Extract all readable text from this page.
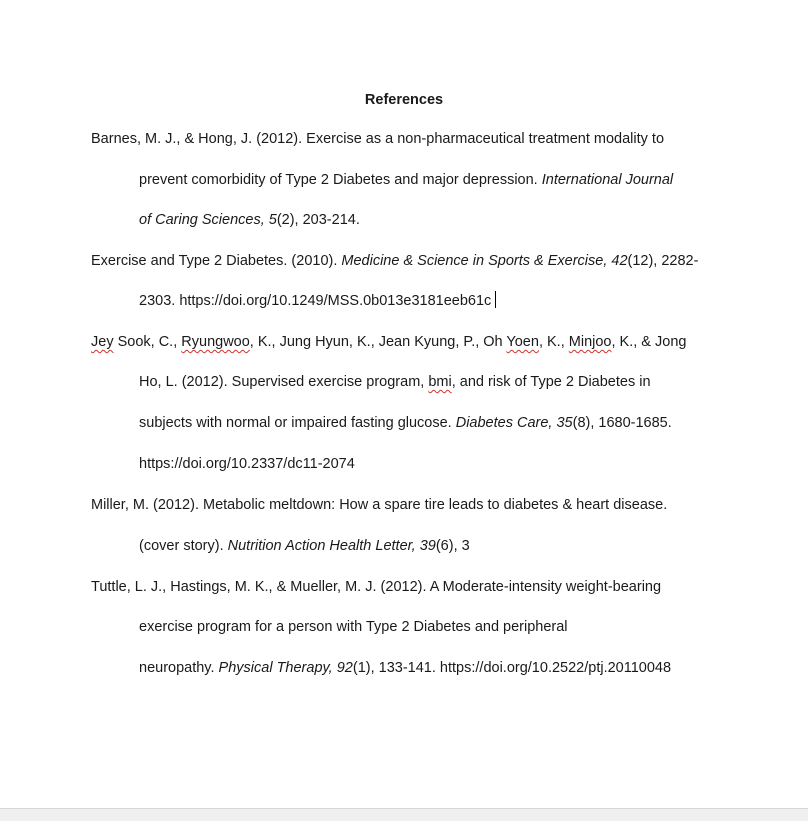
References
Barnes, M. J., & Hong, J. (2012). Exercise as a non-pharmaceutical treatment modality to
prevent comorbidity of Type 2 Diabetes and major depression. International Journal
of Caring Sciences, 5(2), 203-214.
Exercise and Type 2 Diabetes. (2010). Medicine & Science in Sports & Exercise, 42(12), 2282-
2303. https://doi.org/10.1249/MSS.0b013e3181eeb61c
Jey Sook, C., Ryungwoo, K., Jung Hyun, K., Jean Kyung, P., Oh Yoen, K., Minjoo, K., & Jong
Ho, L. (2012). Supervised exercise program, bmi, and risk of Type 2 Diabetes in
subjects with normal or impaired fasting glucose. Diabetes Care, 35(8), 1680-1685.
https://doi.org/10.2337/dc11-2074
Miller, M. (2012). Metabolic meltdown: How a spare tire leads to diabetes & heart disease.
(cover story). Nutrition Action Health Letter, 39(6), 3
Tuttle, L. J., Hastings, M. K., & Mueller, M. J. (2012). A Moderate-intensity weight-bearing
exercise program for a person with Type 2 Diabetes and peripheral
neuropathy. Physical Therapy, 92(1), 133-141. https://doi.org/10.2522/ptj.20110048
